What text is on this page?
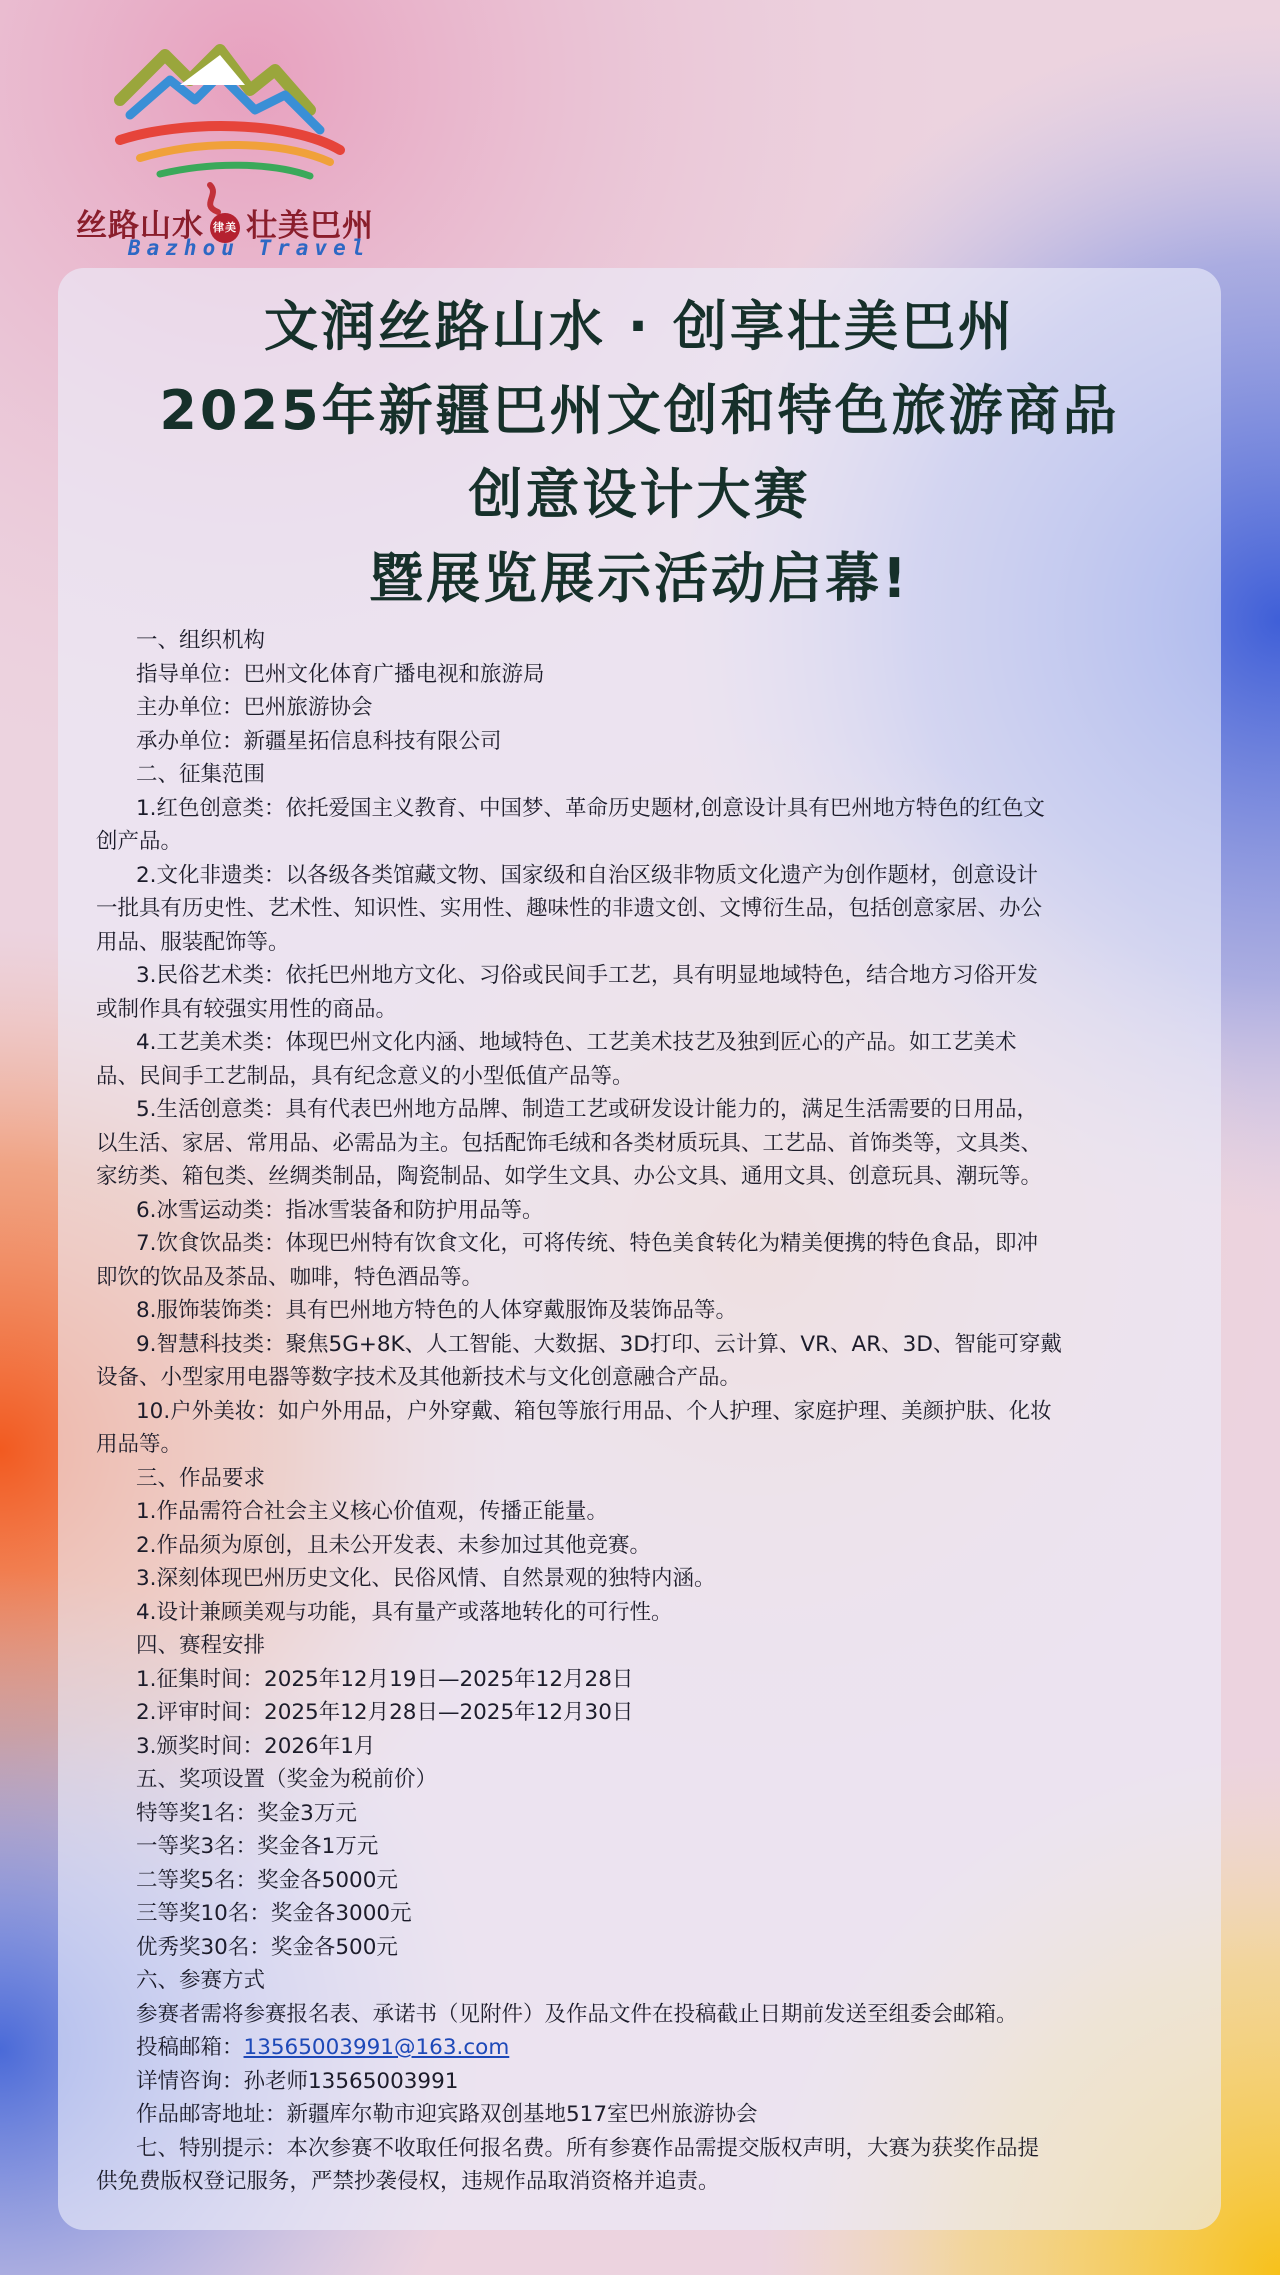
丝路山水 律美 壮美巴州
Bazhou Travel
文润丝路山水 · 创享壮美巴州
2025年新疆巴州文创和特色旅游商品
创意设计大赛
暨展览展示活动启幕!
一、组织机构
指导单位：巴州文化体育广播电视和旅游局
主办单位：巴州旅游协会
承办单位：新疆星拓信息科技有限公司
二、征集范围
1.红色创意类：依托爱国主义教育、中国梦、革命历史题材,创意设计具有巴州地方特色的红色文
创产品。
2.文化非遗类：以各级各类馆藏文物、国家级和自治区级非物质文化遗产为创作题材，创意设计
一批具有历史性、艺术性、知识性、实用性、趣味性的非遗文创、文博衍生品，包括创意家居、办公
用品、服装配饰等。
3.民俗艺术类：依托巴州地方文化、习俗或民间手工艺，具有明显地域特色，结合地方习俗开发
或制作具有较强实用性的商品。
4.工艺美术类：体现巴州文化内涵、地域特色、工艺美术技艺及独到匠心的产品。如工艺美术
品、民间手工艺制品，具有纪念意义的小型低值产品等。
5.生活创意类：具有代表巴州地方品牌、制造工艺或研发设计能力的，满足生活需要的日用品，
以生活、家居、常用品、必需品为主。包括配饰毛绒和各类材质玩具、工艺品、首饰类等，文具类、
家纺类、箱包类、丝绸类制品，陶瓷制品、如学生文具、办公文具、通用文具、创意玩具、潮玩等。
6.冰雪运动类：指冰雪装备和防护用品等。
7.饮食饮品类：体现巴州特有饮食文化，可将传统、特色美食转化为精美便携的特色食品，即冲
即饮的饮品及茶品、咖啡，特色酒品等。
8.服饰装饰类：具有巴州地方特色的人体穿戴服饰及装饰品等。
9.智慧科技类：聚焦5G+8K、人工智能、大数据、3D打印、云计算、VR、AR、3D、智能可穿戴
设备、小型家用电器等数字技术及其他新技术与文化创意融合产品。
10.户外美妆：如户外用品，户外穿戴、箱包等旅行用品、个人护理、家庭护理、美颜护肤、化妆
用品等。
三、作品要求
1.作品需符合社会主义核心价值观，传播正能量。
2.作品须为原创，且未公开发表、未参加过其他竞赛。
3.深刻体现巴州历史文化、民俗风情、自然景观的独特内涵。
4.设计兼顾美观与功能，具有量产或落地转化的可行性。
四、赛程安排
1.征集时间：2025年12月19日—2025年12月28日
2.评审时间：2025年12月28日—2025年12月30日
3.颁奖时间：2026年1月
五、奖项设置（奖金为税前价）
特等奖1名：奖金3万元
一等奖3名：奖金各1万元
二等奖5名：奖金各5000元
三等奖10名：奖金各3000元
优秀奖30名：奖金各500元
六、参赛方式
参赛者需将参赛报名表、承诺书（见附件）及作品文件在投稿截止日期前发送至组委会邮箱。
投稿邮箱：13565003991@163.com
详情咨询：孙老师13565003991
作品邮寄地址：新疆库尔勒市迎宾路双创基地517室巴州旅游协会
七、特别提示：本次参赛不收取任何报名费。所有参赛作品需提交版权声明，大赛为获奖作品提
供免费版权登记服务，严禁抄袭侵权，违规作品取消资格并追责。
